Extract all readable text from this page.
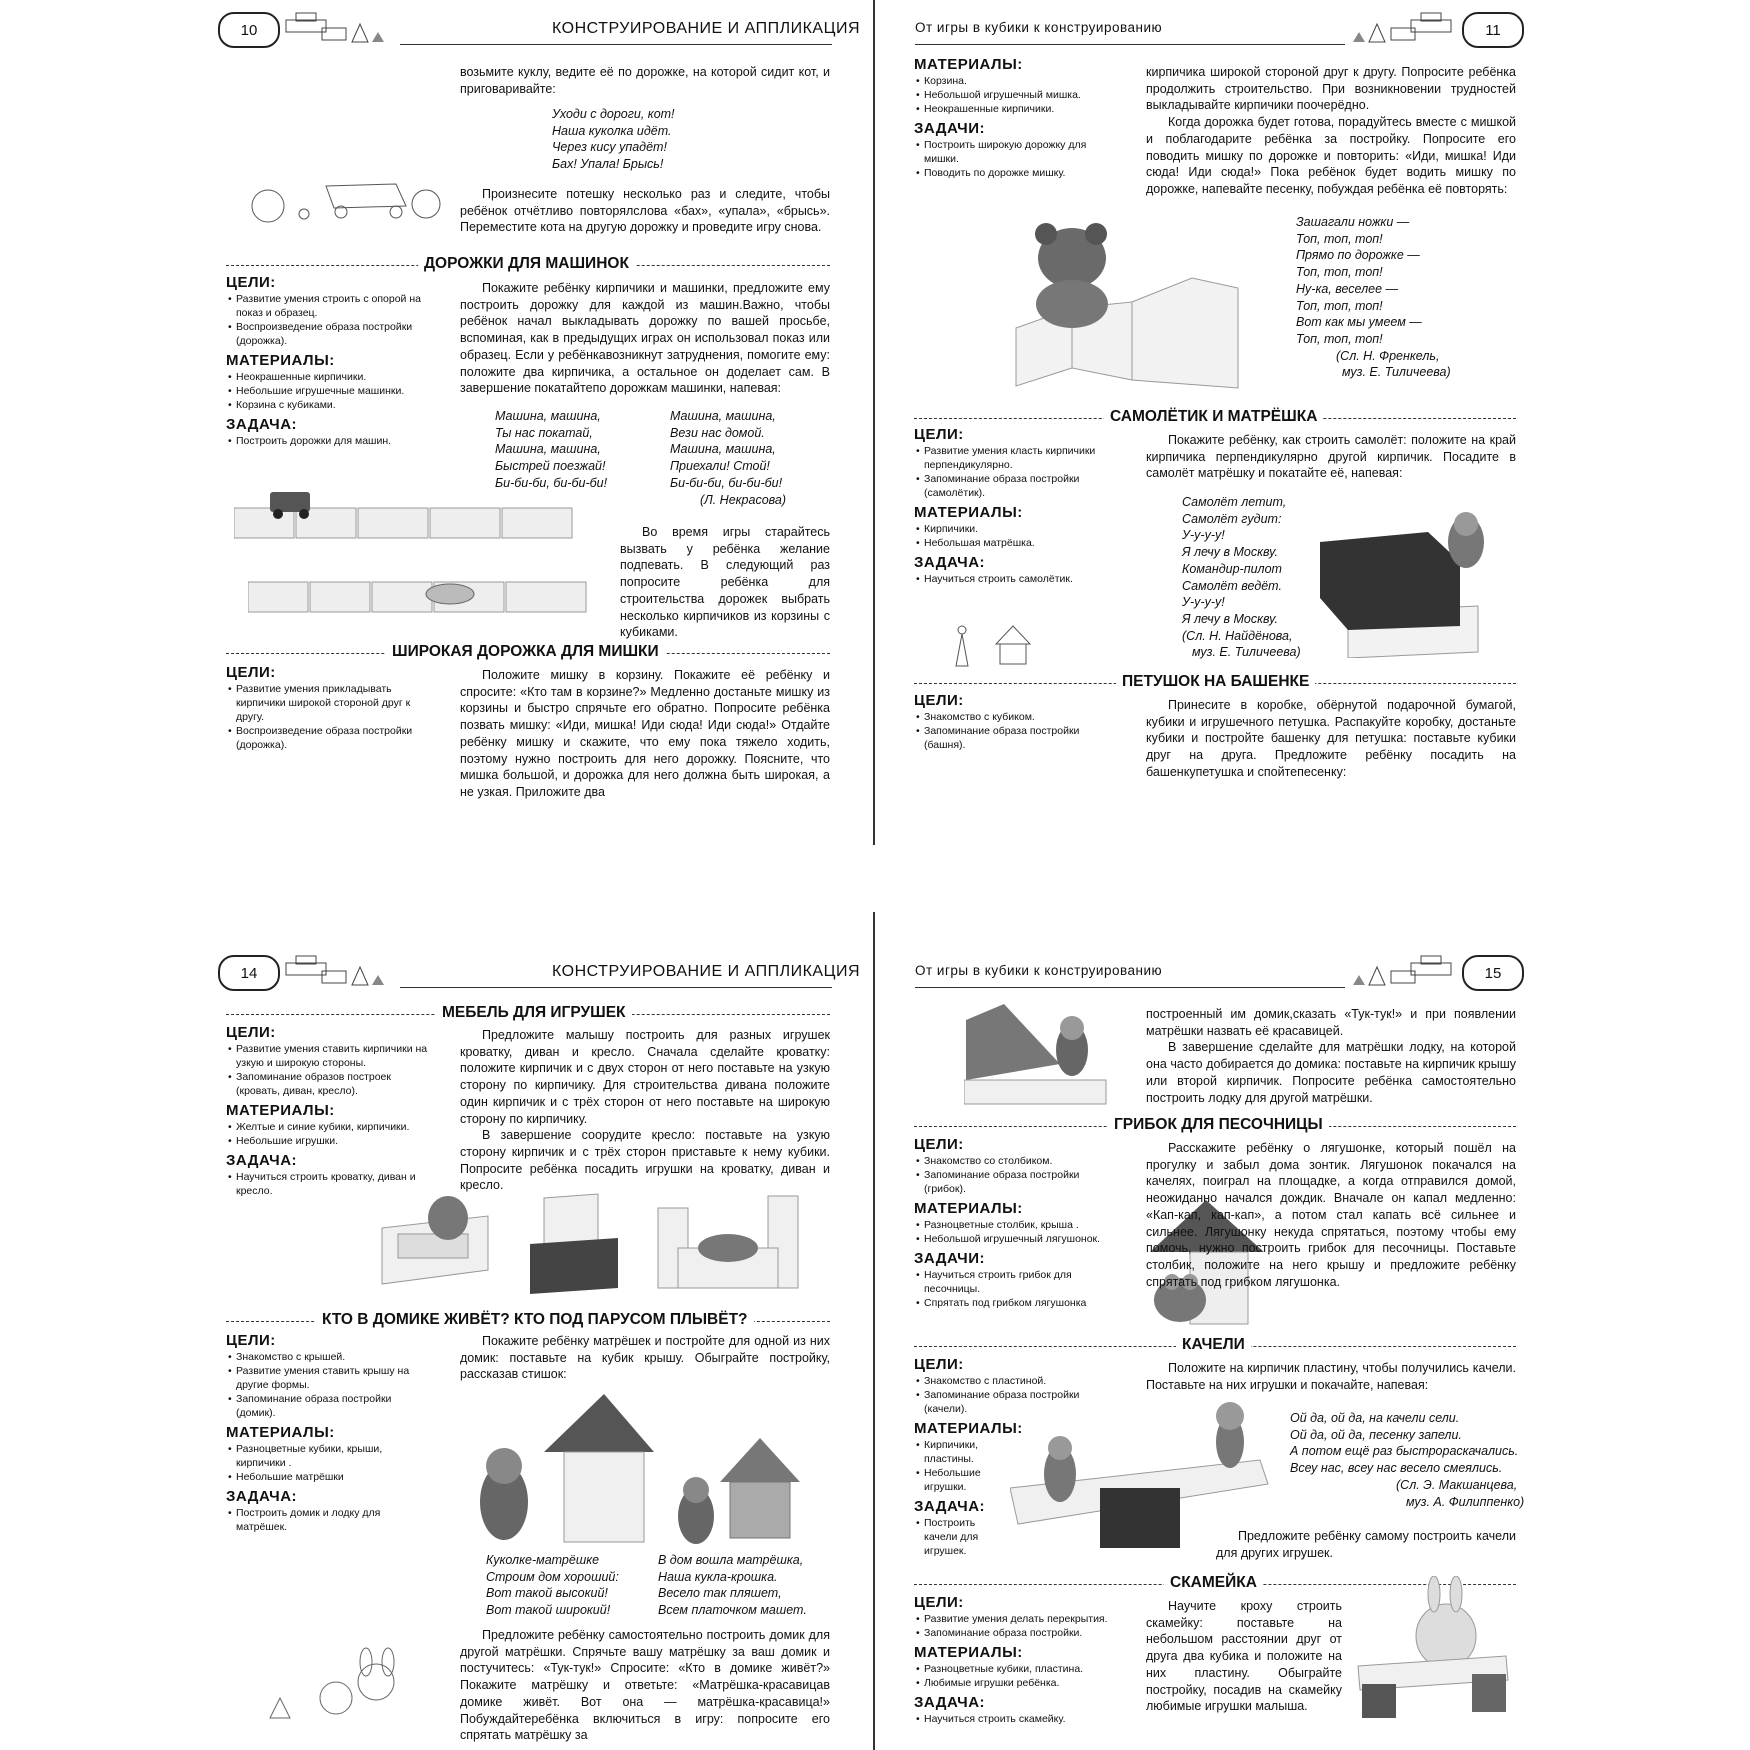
10	КОНСТРУИРОВАНИЕ И АППЛИКАЦИЯ

возьмите куклу, ведите её по дорожке, на которой сидит кот, и приговаривайте:

Уходи с дороги, кот!
Наша куколка идёт.
Через кису упадёт!
Бах! Упала! Брысь!

Произнесите потешку несколько раз и следите, чтобы ребёнок отчётливо повторялслова «бах», «упала», «брысь». Переместите кота на другую дорожку и проведите игру снова.

ДОРОЖКИ ДЛЯ МАШИНОК
ЦЕЛИ:
• Развитие умения строить с опорой на показ и образец.
• Воспроизведение образа постройки (дорожка).
МАТЕРИАЛЫ:
• Неокрашенные кирпичики.
• Небольшие игрушечные машинки.
• Корзина с кубиками.
ЗАДАЧА:
• Построить дорожки для машин.

Покажите ребёнку кирпичики и машинки, предложите ему построить дорожку для каждой из машин.Важно, чтобы ребёнок начал выкладывать дорожку по вашей просьбе, вспоминая, как в предыдущих играх он использовал показ или образец. Если у ребёнкавозникнут затруднения, помогите ему: положите два кирпичика, а остальное он доделает сам. В завершение покатайтепо дорожкам машинки, напевая:

Машина, машина,
Ты нас покатай,
Машина, машина,
Быстрей поезжай!
Би-би-би, би-би-би!
Машина, машина,
Вези нас домой.
Машина, машина,
Приехали! Стой!
Би-би-би, би-би-би!
(Л. Некрасова)

Во время игры старайтесь вызвать у ребёнка желание подпевать. В следующий раз попросите ребёнка для строительства дорожек выбрать несколько кирпичиков из корзины с кубиками.

ШИРОКАЯ ДОРОЖКА ДЛЯ МИШКИ
ЦЕЛИ:
• Развитие умения прикладывать кирпичики широкой стороной друг к другу.
• Воспроизведение образа постройки (дорожка).

Положите мишку в корзину. Покажите её ребёнку и спросите: «Кто там в корзине?» Медленно достаньте мишку из корзины и быстро спрячьте его обратно. Попросите ребёнка позвать мишку: «Иди, мишка! Иди сюда! Иди сюда!» Отдайте ребёнку мишку и скажите, что ему пока тяжело ходить, поэтому нужно построить для него дорожку. Поясните, что мишка большой, и дорожка для него должна быть широкая, а не узкая. Приложите два

От игры в кубики к конструированию	11
МАТЕРИАЛЫ:
• Корзина.
• Небольшой игрушечный мишка.
• Неокрашенные кирпичики.
ЗАДАЧИ:
• Построить широкую дорожку для мишки.
• Поводить по дорожке мишку.

кирпичика широкой стороной друг к другу. Попросите ребёнка продолжить строительство. При возникновении трудностей выкладывайте кирпичики поочерёдно.

Когда дорожка будет готова, порадуйтесь вместе с мишкой и поблагодарите ребёнка за постройку. Попросите его поводить мишку по дорожке и повторить: «Иди, мишка! Иди сюда! Иди сюда!» Пока ребёнок будет водить мишку по дорожке, напевайте песенку, побуждая ребёнка её повторять:

Зашагали ножки —
Топ, топ, топ!
Прямо по дорожке —
Топ, топ, топ!
Ну-ка, веселее —
Топ, топ, топ!
Вот как мы умеем —
Топ, топ, топ!
(Сл. Н. Френкель,
муз. Е. Тиличеева)
САМОЛЁТИК И МАТРЁШКА
ЦЕЛИ:
• Развитие умения класть кирпичики перпендикулярно.
• Запоминание образа постройки (самолётик).
МАТЕРИАЛЫ:
• Кирпичики.
• Небольшая матрёшка.
ЗАДАЧА:
• Научиться строить самолётик.

Покажите ребёнку, как строить самолёт: положите на край кирпичика перпендикулярно другой кирпичик. Посадите в самолёт матрёшку и покатайте её, напевая:

Самолёт летит,
Самолёт гудит:
У-у-у-у!
Я лечу в Москву.
Командир-пилот
Самолёт ведёт.
У-у-у-у!
Я лечу в Москву.
(Сл. Н. Найдёнова,
муз. Е. Тиличеева)
ПЕТУШОК НА БАШЕНКЕ
ЦЕЛИ:
• Знакомство с кубиком.
• Запоминание образа постройки (башня).

Принесите в коробке, обёрнутой подарочной бумагой, кубики и игрушечного петушка. Распакуйте коробку, достаньте кубики и постройте башенку для петушка: поставьте кубики друг на друга. Предложите ребёнку посадить на башенкупетушка и спойтепесенку:

14	КОНСТРУИРОВАНИЕ И АППЛИКАЦИЯ
МЕБЕЛЬ ДЛЯ ИГРУШЕК
ЦЕЛИ:
• Развитие умения ставить кирпичики на узкую и широкую стороны.
• Запоминание образов построек (кровать, диван, кресло).
МАТЕРИАЛЫ:
• Желтые и синие кубики, кирпичики.
• Небольшие игрушки.
ЗАДАЧА:
• Научиться строить кроватку, диван и кресло.

Предложите малышу построить для разных игрушек кроватку, диван и кресло. Сначала сделайте кроватку: положите кирпичик и с двух сторон от него поставьте на узкую сторону по кирпичику. Для строительства дивана положите один кирпичик и с трёх сторон от него поставьте на широкую сторону по кирпичику.

В завершение соорудите кресло: поставьте на узкую сторону кирпичик и с трёх сторон приставьте к нему кубики. Попросите ребёнка посадить игрушки на кроватку, диван и кресло.

КТО В ДОМИКЕ ЖИВЁТ? КТО ПОД ПАРУСОМ ПЛЫВЁТ?
ЦЕЛИ:
• Знакомство с крышей.
• Развитие умения ставить крышу на другие формы.
• Запоминание образа постройки (домик).
МАТЕРИАЛЫ:
• Разноцветные кубики, крыши, кирпичики .
• Небольшие матрёшки
ЗАДАЧА:
• Построить домик и лодку для матрёшек.

Покажите ребёнку матрёшек и постройте для одной из них домик: поставьте на кубик крышу. Обыграйте постройку, рассказав стишок:

Куколке-матрёшке
Строим дом хороший:
Вот такой высокий!
Вот такой широкий!
В дом вошла матрёшка,
Наша кукла-крошка.
Весело так пляшет,
Всем платочком машет.

Предложите ребёнку самостоятельно построить домик для другой матрёшки. Спрячьте вашу матрёшку за ваш домик и постучитесь: «Тук-тук!» Спросите: «Кто в домике живёт?» Покажите матрёшку и ответьте: «Матрёшка-красавицав домике живёт. Вот она — матрёшка-красавица!» Побуждайтеребёнка включиться в игру: попросите его спрятать матрёшку за

От игры в кубики к конструированию	15

построенный им домик,сказать «Тук-тук!» и при появлении матрёшки назвать её красавицей.

В завершение сделайте для матрёшки лодку, на которой она часто добирается до домика: поставьте на кирпичик крышу или второй кирпичик. Попросите ребёнка самостоятельно построить лодку для другой матрёшки.

ГРИБОК ДЛЯ ПЕСОЧНИЦЫ
ЦЕЛИ:
• Знакомство со столбиком.
• Запоминание образа постройки (грибок).
МАТЕРИАЛЫ:
• Разноцветные столбик, крыша .
• Небольшой игрушечный лягушонок.
ЗАДАЧИ:
• Научиться строить грибок для песочницы.
• Спрятать под грибком лягушонка

Расскажите ребёнку о лягушонке, который пошёл на прогулку и забыл дома зонтик. Лягушонок покачался на качелях, поиграл на площадке, а когда отправился домой, неожиданно начался дождик. Вначале он капал медленно: «Кап-кап, кап-кап», а потом стал капать всё сильнее и сильнее. Лягушонку некуда спрятаться, поэтому чтобы ему помочь, нужно построить грибок для песочницы. Поставьте столбик, положите на него крышу и предложите ребёнку спрятать под грибком лягушонка.

КАЧЕЛИ
ЦЕЛИ:
• Знакомство с пластиной.
• Запоминание образа постройки (качели).
МАТЕРИАЛЫ:
• Кирпичики, пластины.
• Небольшие игрушки.
ЗАДАЧА:
• Построить качели для игрушек.

Положите на кирпичик пластину, чтобы получились качели. Поставьте на них игрушки и покачайте, напевая:

Ой да, ой да, на качели сели.
Ой да, ой да, песенку запели.
А потом ещё раз быстрораскачались.
Всеу нас, всеу нас весело смеялись.
(Сл. Э. Макшанцева,
муз. А. Филиппенко)

Предложите ребёнку самому построить качели для других игрушек.

СКАМЕЙКА
ЦЕЛИ:
• Развитие умения делать перекрытия.
• Запоминание образа постройки.
МАТЕРИАЛЫ:
• Разноцветные кубики, пластина.
• Любимые игрушки ребёнка.
ЗАДАЧА:
• Научиться строить скамейку.

Научите кроху строить скамейку: поставьте на небольшом расстоянии друг от друга два кубика и положите на них пластину. Обыграйте постройку, посадив на скамейку любимые игрушки малыша.
